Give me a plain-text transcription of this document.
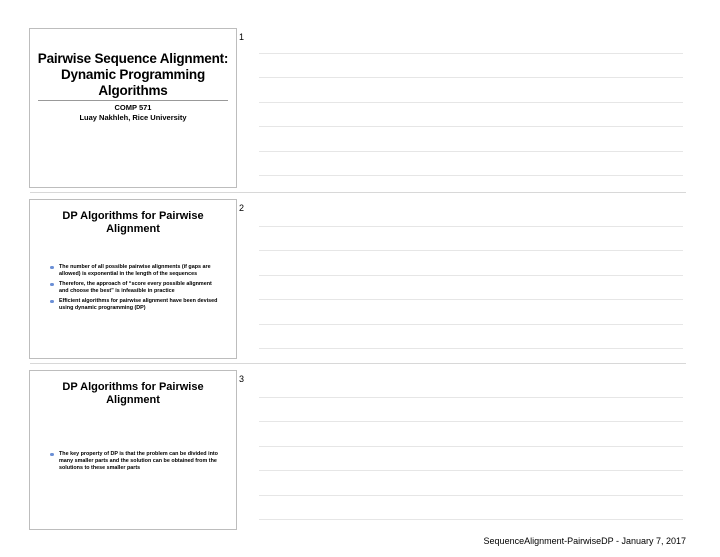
1
Pairwise Sequence Alignment:
Dynamic Programming
Algorithms
COMP 571
Luay Nakhleh, Rice University
2
DP Algorithms for Pairwise
Alignment
The number of all possible pairwise alignments (if gaps are allowed) is exponential in the length of the sequences
Therefore, the approach of “score every possible alignment and choose the best” is infeasible in practice
Efficient algorithms for pairwise alignment have been devised using dynamic programming (DP)
3
DP Algorithms for Pairwise
Alignment
The key property of DP is that the problem can be divided into many smaller parts and the solution can be obtained from the solutions to these smaller parts
SequenceAlignment-PairwiseDP - January 7, 2017
